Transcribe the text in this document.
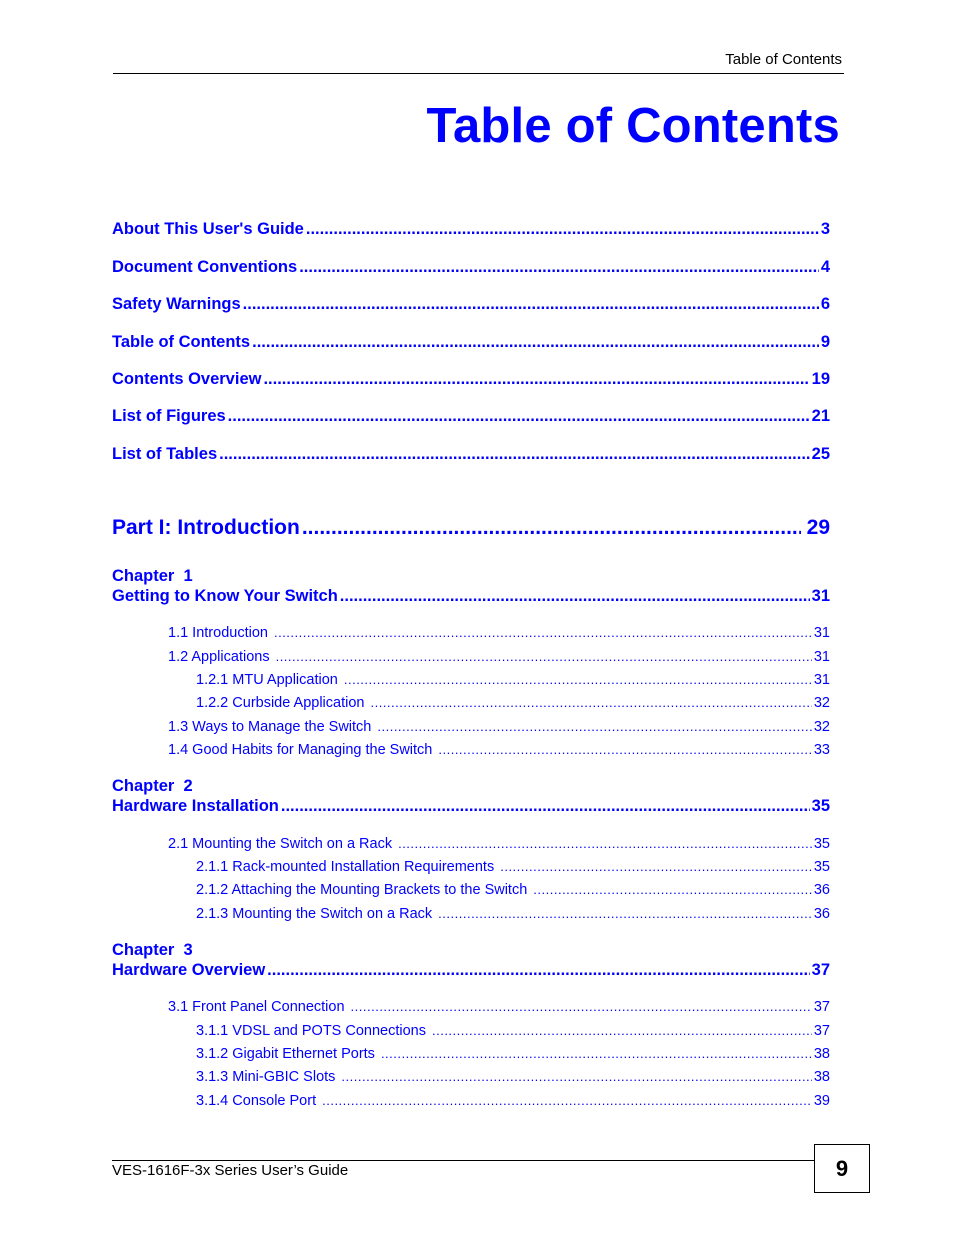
Table of Contents
Table of Contents
About This User's Guide .....	3
Document Conventions .....	4
Safety Warnings .....	6
Table of Contents .....	9
Contents Overview .....	19
List of Figures .....	21
List of Tables .....	25
Part I: Introduction .....	29
Chapter  1
Getting to Know Your Switch .....	31
1.1 Introduction .....	31
1.2 Applications .....	31
1.2.1 MTU Application .....	31
1.2.2 Curbside Application .....	32
1.3 Ways to Manage the Switch .....	32
1.4 Good Habits for Managing the Switch .....	33
Chapter  2
Hardware Installation .....	35
2.1 Mounting the Switch on a Rack .....	35
2.1.1 Rack-mounted Installation Requirements .....	35
2.1.2 Attaching the Mounting Brackets to the Switch .....	36
2.1.3 Mounting the Switch on a Rack .....	36
Chapter  3
Hardware Overview .....	37
3.1 Front Panel Connection .....	37
3.1.1 VDSL and POTS Connections .....	37
3.1.2 Gigabit Ethernet Ports .....	38
3.1.3 Mini-GBIC Slots .....	38
3.1.4 Console Port .....	39
VES-1616F-3x Series User’s Guide	9
